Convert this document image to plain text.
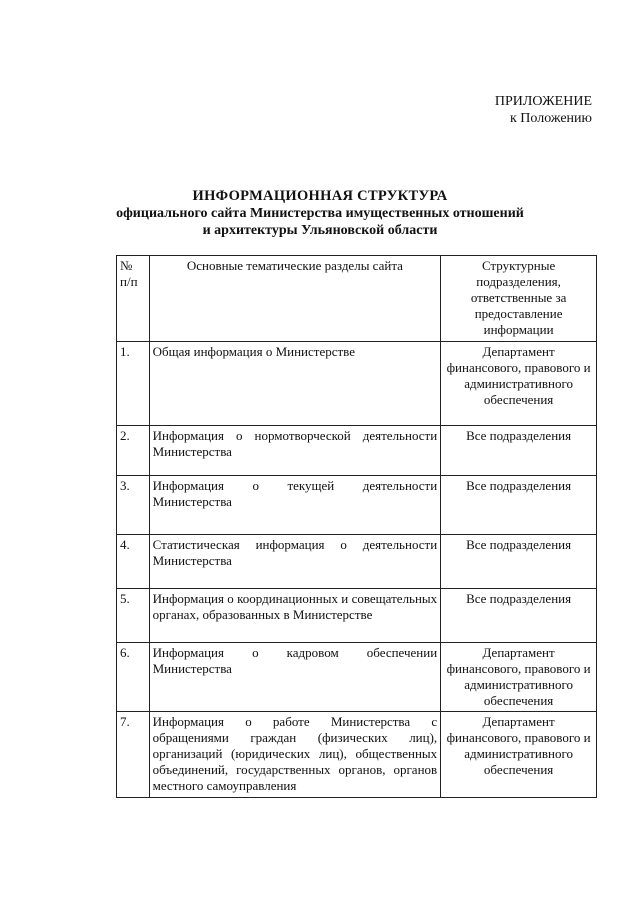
ПРИЛОЖЕНИЕ
к Положению
ИНФОРМАЦИОННАЯ СТРУКТУРА
официального сайта Министерства имущественных отношений
и архитектуры Ульяновской области
№ п/п	Основные тематические разделы сайта	Структурные подразделения, ответственные за предоставление информации
1.	Общая информация о Министерстве	Департамент финансового, правового и административного обеспечения
2.	Информация о нормотворческой деятельности Министерства	Все подразделения
3.	Информация о текущей деятельности Министерства	Все подразделения
4.	Статистическая информация о деятельности Министерства	Все подразделения
5.	Информация о координационных и совещательных органах, образованных в Министерстве	Все подразделения
6.	Информация о кадровом обеспечении Министерства	Департамент финансового, правового и административного обеспечения
7.	Информация о работе Министерства с обращениями граждан (физических лиц), организаций (юридических лиц), общественных объединений, государственных органов, органов местного самоуправления	Департамент финансового, правового и административного обеспечения
